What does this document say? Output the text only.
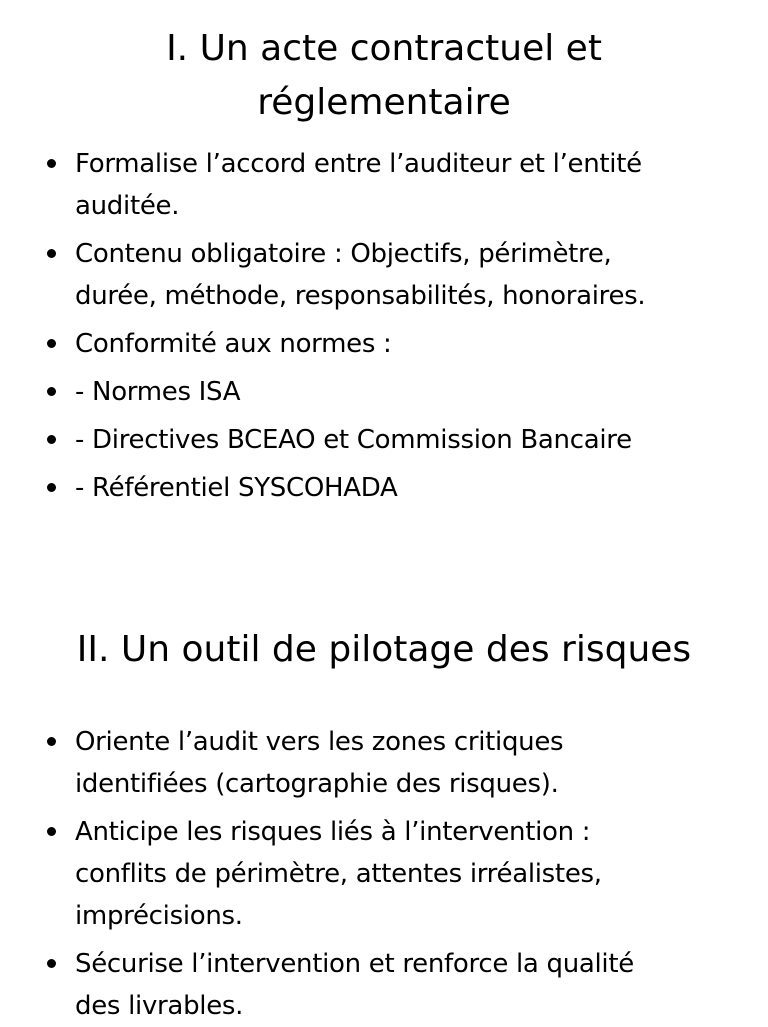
I. Un acte contractuel et
réglementaire
Formalise l’accord entre l’auditeur et l’entité
auditée.
Contenu obligatoire : Objectifs, périmètre,
durée, méthode, responsabilités, honoraires.
Conformité aux normes :
- Normes ISA
- Directives BCEAO et Commission Bancaire
- Référentiel SYSCOHADA
II. Un outil de pilotage des risques
Oriente l’audit vers les zones critiques
identifiées (cartographie des risques).
Anticipe les risques liés à l’intervention :
conflits de périmètre, attentes irréalistes,
imprécisions.
Sécurise l’intervention et renforce la qualité
des livrables.
